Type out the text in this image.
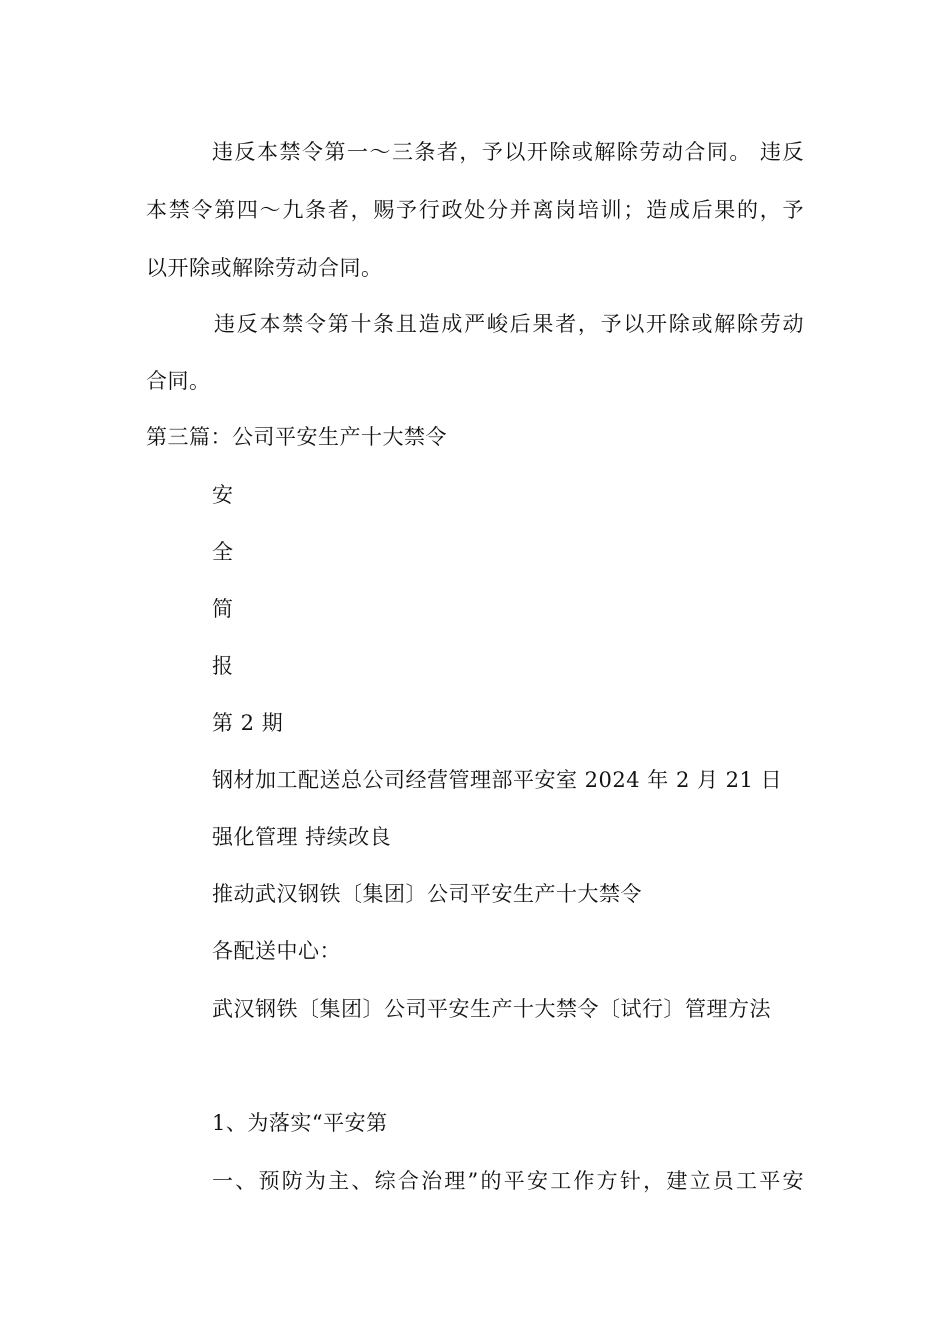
违反本禁令第一～三条者，予以开除或解除劳动合同。 违反
本禁令第四～九条者，赐予行政处分并离岗培训；造成后果的，予
以开除或解除劳动合同。
违反本禁令第十条且造成严峻后果者，予以开除或解除劳动
合同。
第三篇：公司平安生产十大禁令
安
全
简
报
第 2 期
钢材加工配送总公司经营管理部平安室 2024 年 2 月 21 日
强化管理 持续改良
推动武汉钢铁〔集团〕公司平安生产十大禁令
各配送中心：
武汉钢铁〔集团〕公司平安生产十大禁令〔试行〕管理方法
1、为落实“平安第
一、预防为主、综合治理”的平安工作方针，建立员工平安
